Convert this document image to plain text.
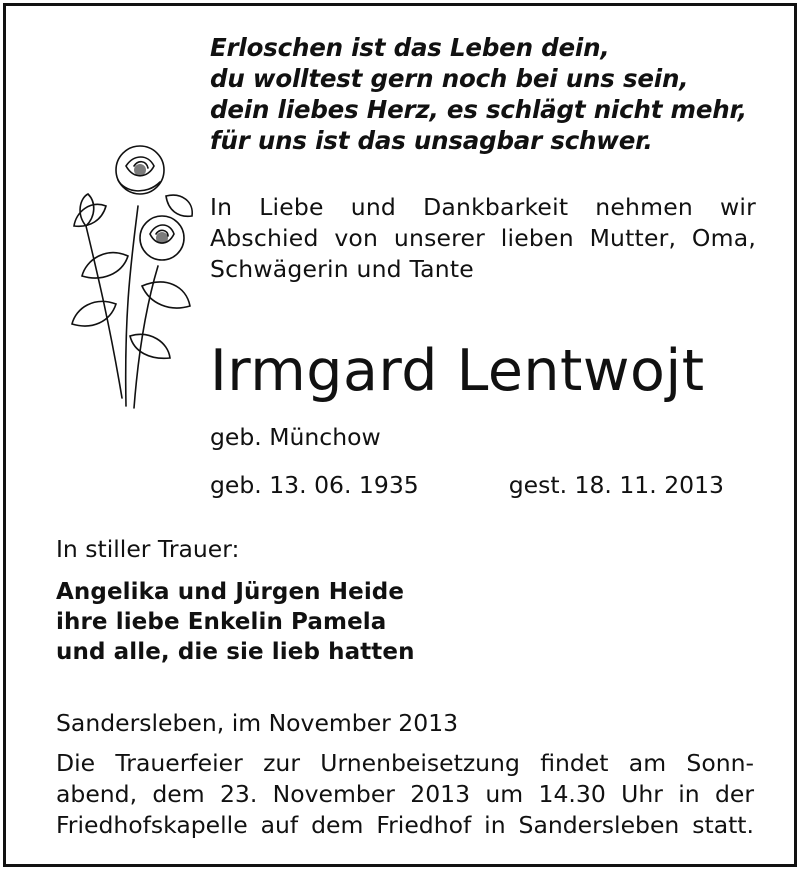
Erloschen ist das Leben dein,
du wolltest gern noch bei uns sein,
dein liebes Herz, es schlägt nicht mehr,
für uns ist das unsagbar schwer.
In Liebe und Dankbarkeit nehmen wir
Abschied von unserer lieben Mutter, Oma,
Schwägerin und Tante
Irmgard Lentwojt
geb. Münchow
geb. 13. 06. 1935	gest. 18. 11. 2013
In stiller Trauer:
Angelika und Jürgen Heide
ihre liebe Enkelin Pamela
und alle, die sie lieb hatten
Sandersleben, im November 2013
Die Trauerfeier zur Urnenbeisetzung findet am Sonn-
abend, dem 23. November 2013 um 14.30 Uhr in der
Friedhofskapelle auf dem Friedhof in Sandersleben statt.
